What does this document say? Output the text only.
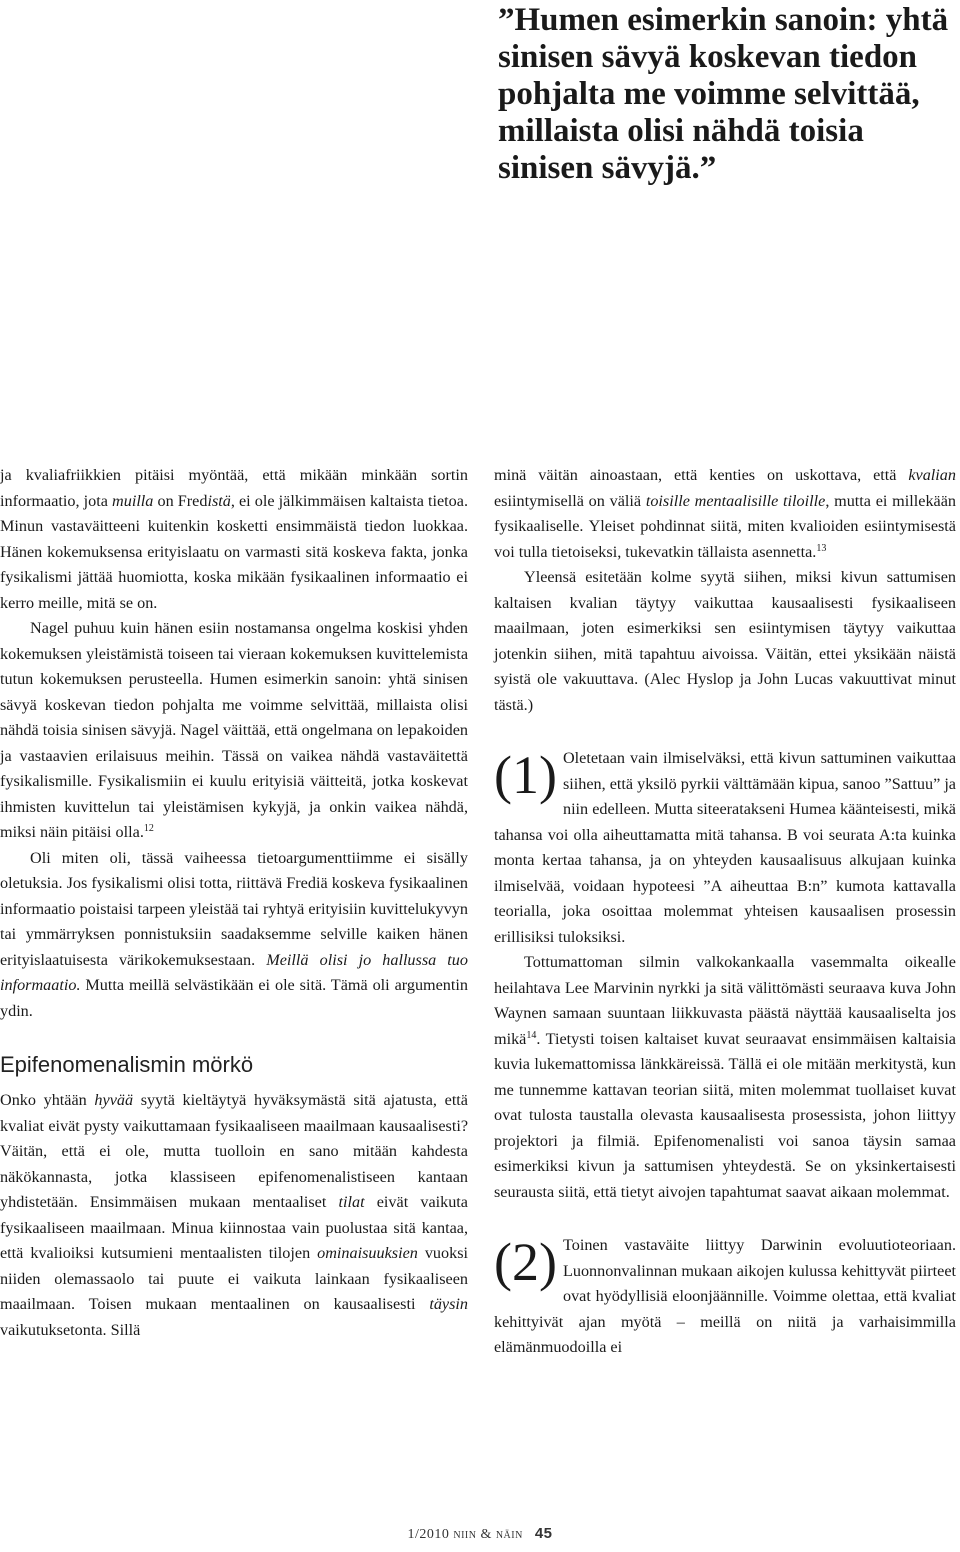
”Humen esimerkin sanoin: yhtä sinisen sävyä koskevan tiedon pohjalta me voimme selvittää, millaista olisi nähdä toisia sinisen sävyjä.”

ja kvaliafriikkien pitäisi myöntää, että mikään minkään sortin informaatio, jota muilla on Fredistä, ei ole jälkimmäisen kaltaista tietoa. Minun vastaväitteeni kuitenkin kosketti ensimmäistä tiedon luokkaa. Hänen kokemuksensa erityislaatu on varmasti sitä koskeva fakta, jonka fysikalismi jättää huomiotta, koska mikään fysikaalinen informaatio ei kerro meille, mitä se on.

Nagel puhuu kuin hänen esiin nostamansa ongelma koskisi yhden kokemuksen yleistämistä toiseen tai vieraan kokemuksen kuvittelemista tutun kokemuksen perusteella. Humen esimerkin sanoin: yhtä sinisen sävyä koskevan tiedon pohjalta me voimme selvittää, millaista olisi nähdä toisia sinisen sävyjä. Nagel väittää, että ongelmana on lepakoiden ja vastaavien erilaisuus meihin. Tässä on vaikea nähdä vastaväitettä fysikalismille. Fysikalismiin ei kuulu erityisiä väitteitä, jotka koskevat ihmisten kuvittelun tai yleistämisen kykyjä, ja onkin vaikea nähdä, miksi näin pitäisi olla.$^{12}$

Oli miten oli, tässä vaiheessa tietoargumenttiimme ei sisälly oletuksia. Jos fysikalismi olisi totta, riittävä Frediä koskeva fysikaalinen informaatio poistaisi tarpeen yleistää tai ryhtyä erityisiin kuvittelukyvyn tai ymmärryksen ponnistuksiin saadaksemme selville kaiken hänen erityislaatuisesta värikokemuksestaan. Meillä olisi jo hallussa tuo informaatio. Mutta meillä selvästikään ei ole sitä. Tämä oli argumentin ydin.

Epifenomenalismin mörkö

Onko yhtään hyvää syytä kieltäytyä hyväksymästä sitä ajatusta, että kvaliat eivät pysty vaikuttamaan fysikaaliseen maailmaan kausaalisesti? Väitän, että ei ole, mutta tuolloin en sano mitään kahdesta näkökannasta, jotka klassiseen epifenomenalistiseen kantaan yhdistetään. Ensimmäisen mukaan mentaaliset tilat eivät vaikuta fysikaaliseen maailmaan. Minua kiinnostaa vain puolustaa sitä kantaa, että kvalioiksi kutsumieni mentaalisten tilojen ominaisuuksien vuoksi niiden olemassaolo tai puute ei vaikuta lainkaan fysikaaliseen maailmaan. Toisen mukaan mentaalinen on kausaalisesti täysin vaikutuksetonta. Sillä

minä väitän ainoastaan, että kenties on uskottava, että kvalian esiintymisellä on väliä toisille mentaalisille tiloille, mutta ei millekään fysikaaliselle. Yleiset pohdinnat siitä, miten kvalioiden esiintymisestä voi tulla tietoiseksi, tukevatkin tällaista asennetta.$^{13}$

Yleensä esitetään kolme syytä siihen, miksi kivun sattumisen kaltaisen kvalian täytyy vaikuttaa kausaalisesti fysikaaliseen maailmaan, joten esimerkiksi sen esiintymisen täytyy vaikuttaa jotenkin siihen, mitä tapahtuu aivoissa. Väitän, ettei yksikään näistä syistä ole vakuuttava. (Alec Hyslop ja John Lucas vakuuttivat minut tästä.)

(1) Oletetaan vain ilmiselväksi, että kivun sattuminen vaikuttaa siihen, että yksilö pyrkii välttämään kipua, sanoo ”Sattuu” ja niin edelleen. Mutta siteeratakseni Humea käänteisesti, mikä tahansa voi olla aiheuttamatta mitä tahansa. B voi seurata A:ta kuinka monta kertaa tahansa, ja on yhteyden kausaalisuus alkujaan kuinka ilmiselvää, voidaan hypoteesi ”A aiheuttaa B:n” kumota kattavalla teorialla, joka osoittaa molemmat yhteisen kausaalisen prosessin erillisiksi tuloksiksi.

Tottumattoman silmin valkokankaalla vasemmalta oikealle heilahtava Lee Marvinin nyrkki ja sitä välittömästi seuraava kuva John Waynen samaan suuntaan liikkuvasta päästä näyttää kausaaliselta jos mikä$^{14}$. Tietysti toisen kaltaiset kuvat seuraavat ensimmäisen kaltaisia kuvia lukemattomissa länkkäreissä. Tällä ei ole mitään merkitystä, kun me tunnemme kattavan teorian siitä, miten molemmat tuollaiset kuvat ovat tulosta taustalla olevasta kausaalisesta prosessista, johon liittyy projektori ja filmiä. Epifenomenalisti voi sanoa täysin samaa esimerkiksi kivun ja sattumisen yhteydestä. Se on yksinkertaisesti seurausta siitä, että tietyt aivojen tapahtumat saavat aikaan molemmat.

(2) Toinen vastaväite liittyy Darwinin evoluutioteoriaan. Luonnonvalinnan mukaan aikojen kulussa kehittyvät piirteet ovat hyödyllisiä eloonjäännille. Voimme olettaa, että kvaliat kehittyivät ajan myötä – meillä on niitä ja varhaisimmilla elämänmuodoilla ei

1/2010 niin & näin 45
